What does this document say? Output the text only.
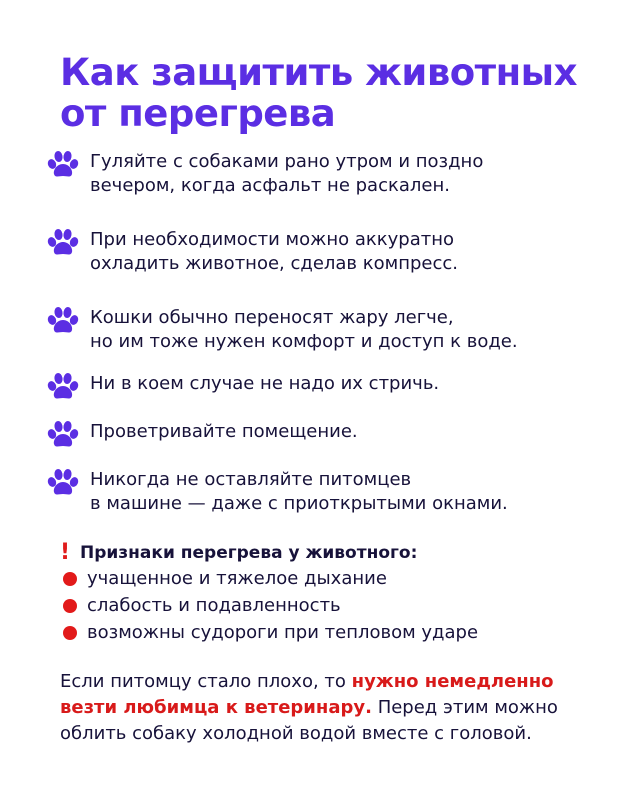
Как защитить животных
от перегрева
Гуляйте с собаками рано утром и поздно
вечером, когда асфальт не раскален.
При необходимости можно аккуратно
охладить животное, сделав компресс.
Кошки обычно переносят жару легче,
но им тоже нужен комфорт и доступ к воде.
Ни в коем случае не надо их стричь.
Проветривайте помещение.
Никогда не оставляйте питомцев
в машине — даже с приоткрытыми окнами.
! Признаки перегрева у животного:
учащенное и тяжелое дыхание
слабость и подавленность
возможны судороги при тепловом ударе
Если питомцу стало плохо, то нужно немедленно
везти любимца к ветеринару. Перед этим можно
облить собаку холодной водой вместе с головой.
